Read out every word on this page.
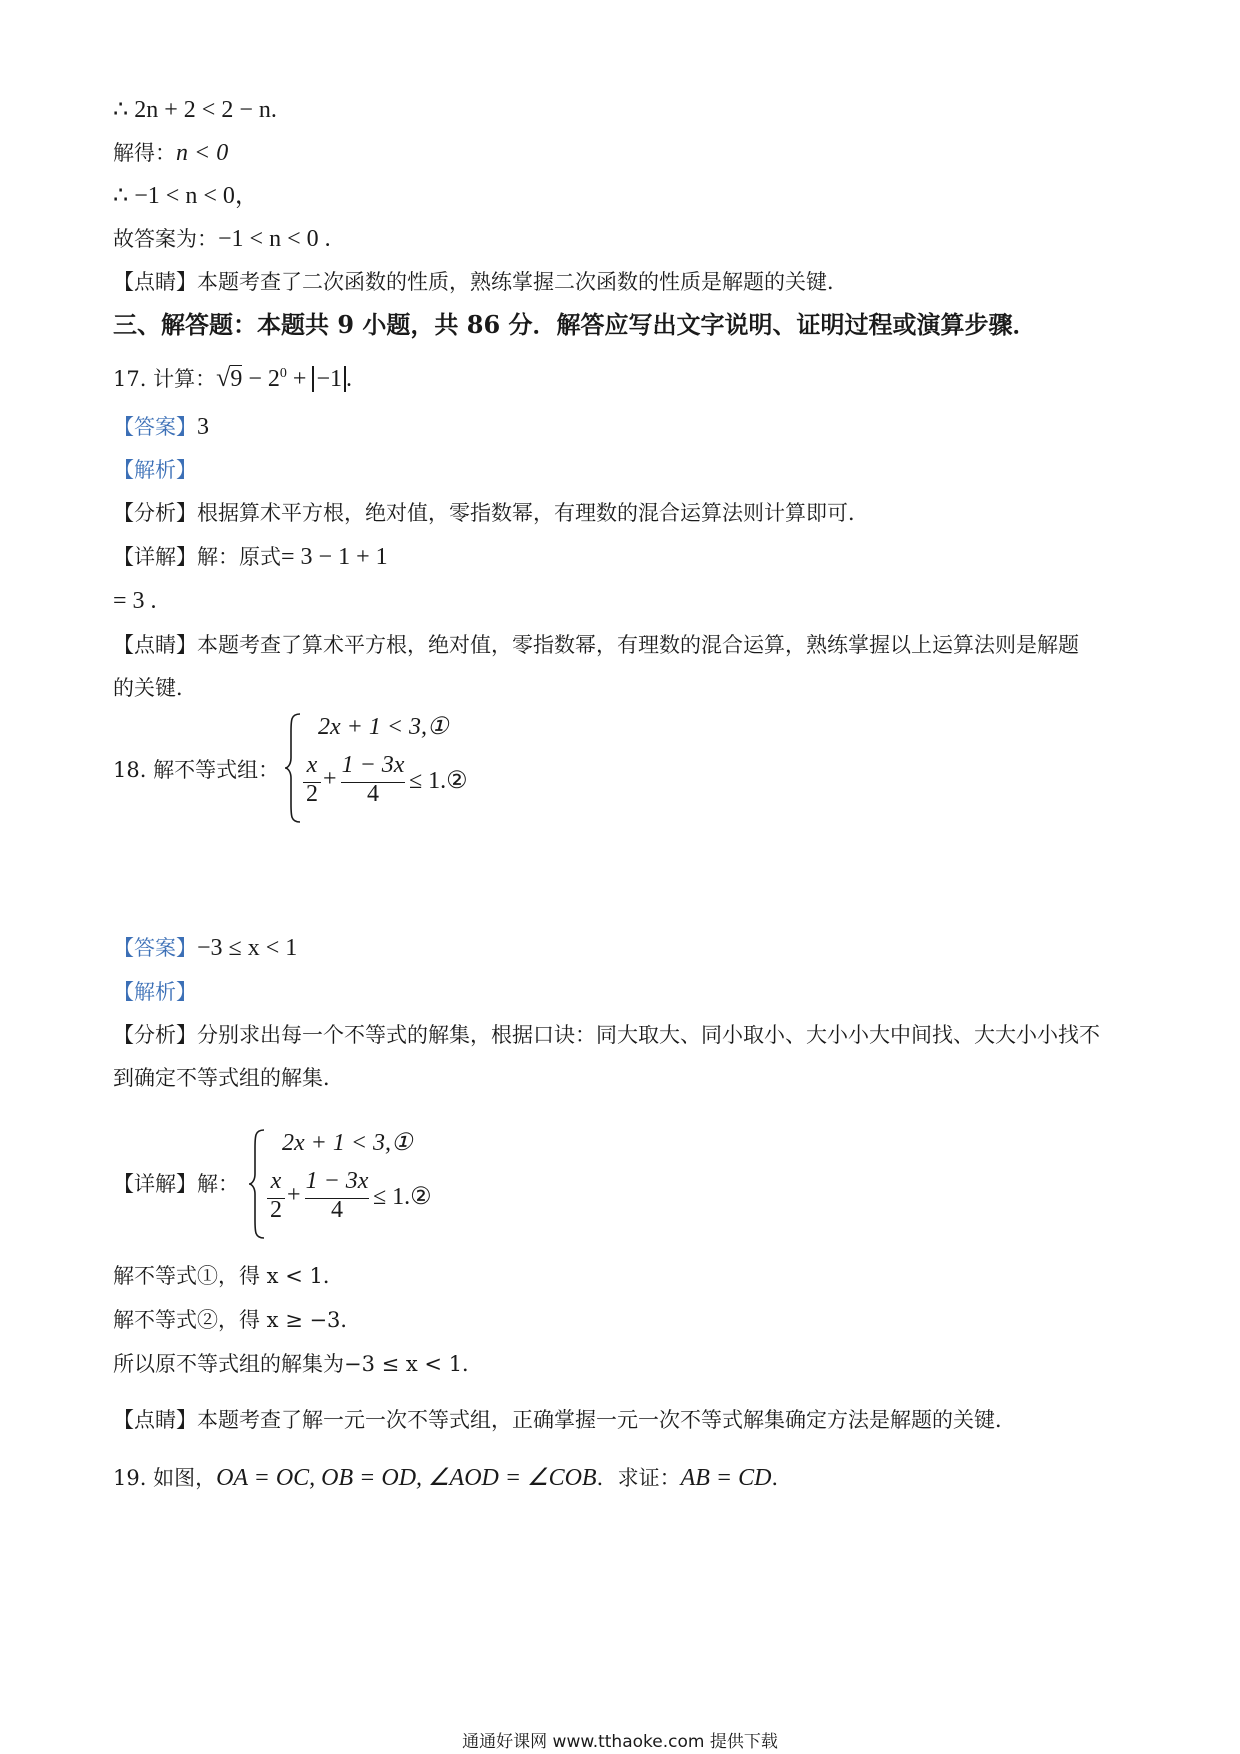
∴ 2n + 2 < 2 − n.
解得：n < 0
∴ −1 < n < 0，
故答案为：−1 < n < 0 .
【点睛】本题考查了二次函数的性质，熟练掌握二次函数的性质是解题的关键．
三、解答题：本题共 9 小题，共 86 分．解答应写出文字说明、证明过程或演算步骤．
17. 计算：$√9 - 2^0 + -1$ .
【答案】3
【解析】
【分析】根据算术平方根，绝对值，零指数幂，有理数的混合运算法则计算即可．
【详解】解：原式= 3 − 1 + 1
= 3 .
【点睛】本题考查了算术平方根，绝对值，零指数幂，有理数的混合运算，熟练掌握以上运算法则是解题
的关键．
18. 解不等式组：
2x + 1 < 3,①
x
2
+
1 − 3x
4	≤ 1.②
【答案】−3 ≤ x < 1
【解析】
【分析】分别求出每一个不等式的解集，根据口诀：同大取大、同小取小、大小小大中间找、大大小小找不
到确定不等式组的解集．
【详解】解：
2x + 1 < 3,①
x
2
+
1 − 3x
4	≤ 1.②
解不等式①，得 x < 1．
解不等式②，得 x ≥ −3．
所以原不等式组的解集为−3 ≤ x < 1．
【点睛】本题考查了解一元一次不等式组，正确掌握一元一次不等式解集确定方法是解题的关键．
19. 如图，OA = OC, OB = OD, ∠AOD = ∠COB．求证：AB = CD．
通通好课网 www.tthaoke.com 提供下载
